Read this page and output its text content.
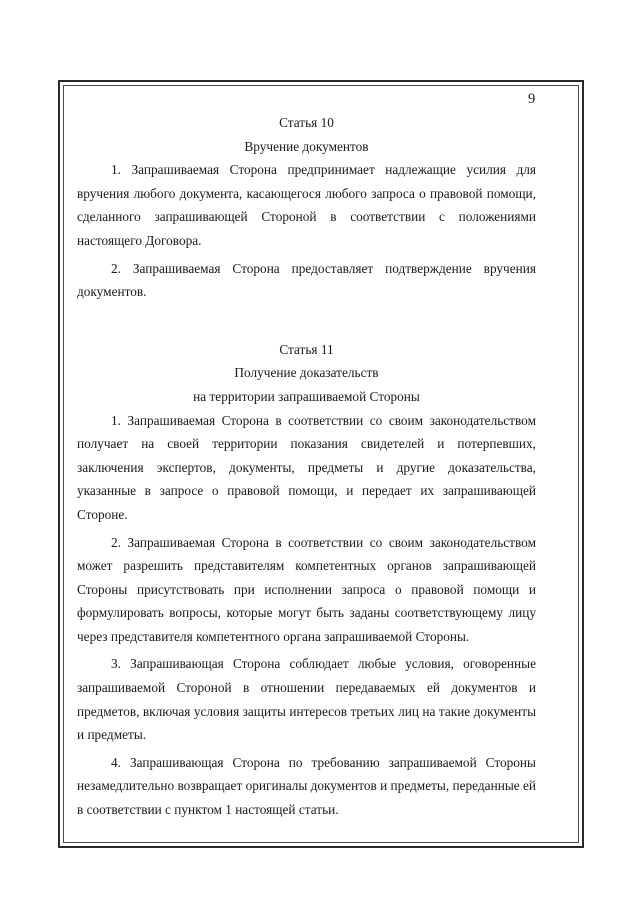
9

Статья 10

Вручение документов

1. Запрашиваемая Сторона предпринимает надлежащие усилия для вручения любого документа, касающегося любого запроса о правовой помощи, сделанного запрашивающей Стороной в соответствии с положениями настоящего Договора.

2. Запрашиваемая Сторона предоставляет подтверждение вручения документов.

Статья 11

Получение доказательств

на территории запрашиваемой Стороны

1. Запрашиваемая Сторона в соответствии со своим законодательством получает на своей территории показания свидетелей и потерпевших, заключения экспертов, документы, предметы и другие доказательства, указанные в запросе о правовой помощи, и передает их запрашивающей Стороне.

2. Запрашиваемая Сторона в соответствии со своим законодательством может разрешить представителям компетентных органов запрашивающей Стороны присутствовать при исполнении запроса о правовой помощи и формулировать вопросы, которые могут быть заданы соответствующему лицу через представителя компетентного органа запрашиваемой Стороны.

3. Запрашивающая Сторона соблюдает любые условия, оговоренные запрашиваемой Стороной в отношении передаваемых ей документов и предметов, включая условия защиты интересов третьих лиц на такие документы и предметы.

4. Запрашивающая Сторона по требованию запрашиваемой Стороны незамедлительно возвращает оригиналы документов и предметы, переданные ей в соответствии с пунктом 1 настоящей статьи.
